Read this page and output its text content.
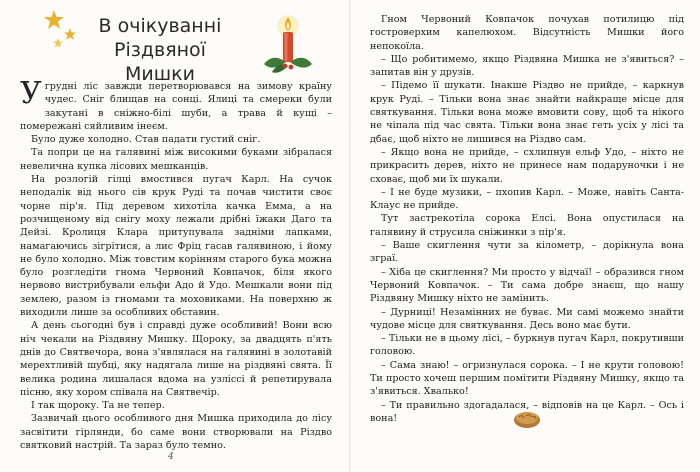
В очікуванні
Різдвяної Мишки

Угрудні ліс завжди перетворювався на зимову країну чудес. Сніг блищав на сонці. Ялиці та смереки були закутані в сніжно-білі шуби, а трава й кущі – помережані сяйливим інеєм.

Було дуже холодно. Став падати густий сніг.

Та попри це на галявині між високими буками зібралася невелична купка лісових мешканців.

На розлогій гілці вмостився пугач Карл. На сучок неподалік від нього сів крук Руді та почав чистити своє чорне пір'я. Під деревом хихотіла качка Емма, а на розчищеному від снігу моху лежали дрібні їжаки Даго та Дейзі. Кролиця Клара притупувала задніми лапками, намагаючись зігрітися, а лис Фріц гасав галявиною, і йому не було холодно. Між товстим корінням старого бука можна було розгледіти гнома Червоний Ковпачок, біля якого нервово вистрибували ельфи Адо й Удо. Мешкали вони під землею, разом із гномами та моховиками. На поверхню ж виходили лише за особливих обставин.

А день сьогодні був і справді дуже особливий! Вони всю ніч чекали на Різдвяну Мишку. Щороку, за двадцять п'ять днів до Святвечора, вона з'являлася на галявині в золотавій мерехтливій шубці, яку надягала лише на різдвяні свята. Її велика родина лишалася вдома на узліссі й репетирувала пісню, яку хором співала на Святвечір.

І так щороку. Та не тепер.

Зазвичай цього особливого дня Мишка приходила до лісу засвітити гірлянди, бо саме вони створювали на Різдво святковий настрій. Та зараз було темно.

4

Гном Червоний Ковпачок почухав потилицю під гостроверхим капелюхом. Відсутність Мишки його непокоїла.

– Що робитимемо, якщо Різдвяна Мишка не з'явиться? – запитав він у друзів.

– Підемо її шукати. Інакше Різдво не прийде, – каркнув крук Руді. – Тільки вона знає знайти найкраще місце для святкування. Тільки вона може вмовити сову, щоб та нікого не чіпала під час свята. Тільки вона знає геть усіх у лісі та дбає, щоб ніхто не лишився на Різдво сам.

– Якщо вона не прийде, – схлипнув ельф Удо, – ніхто не прикрасить дерев, ніхто не принесе нам подаруночки і не сховає, щоб ми їх шукали.

– І не буде музики, – пхопив Карл. – Може, навіть Санта-Клаус не прийде.

Тут застрекотіла сорока Елсі. Вона опустилася на галявину й струсила сніжинки з пір'я.

– Ваше скиглення чути за кілометр, – дорікнула вона зграї.

– Хіба це скиглення? Ми просто у відчаї! – образився гном Червоний Ковпачок. – Ти сама добре знаєш, що нашу Різдвяну Мишку ніхто не замінить.

– Дурниці! Незамінних не буває. Ми самі можемо знайти чудове місце для святкування. Десь воно має бути.

– Тільки не в цьому лісі, – буркнув пугач Карл, покрутивши головою.

– Сама знаю! – огризнулася сорока. – І не крути головою! Ти просто хочеш першим помітити Різдвяну Мишку, якщо та з'явиться. Хвалько!

– Ти правильно здогадалася, – відповів на це Карл. – Ось і вона!
